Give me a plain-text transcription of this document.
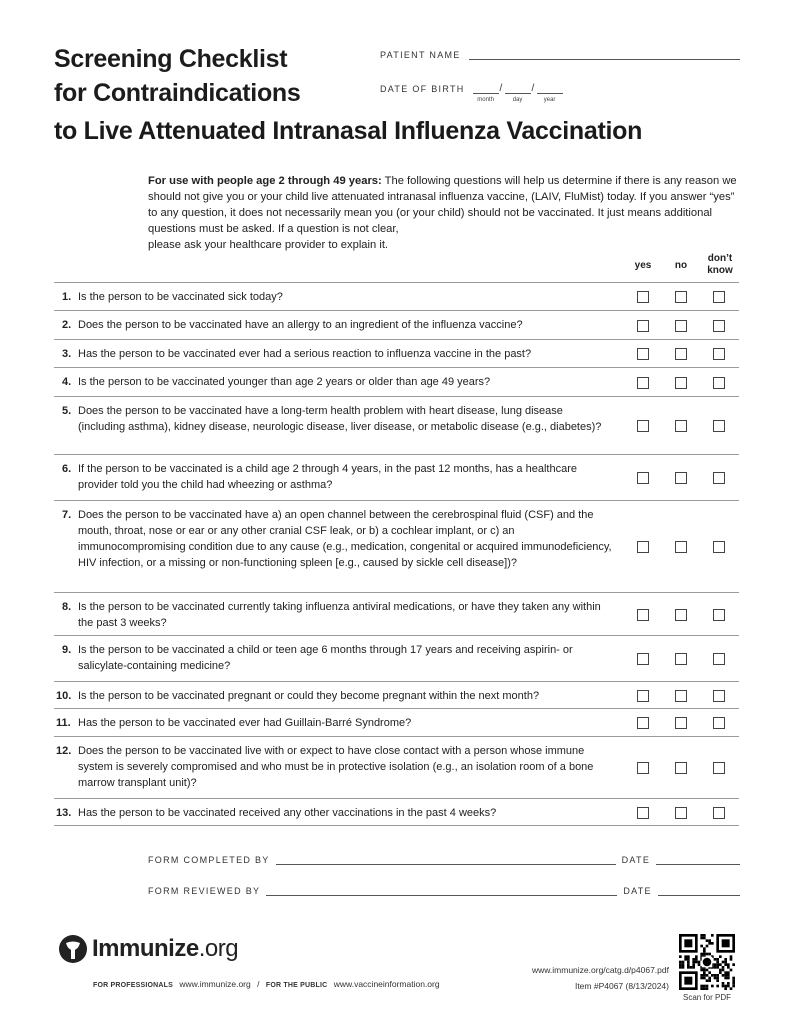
Screening Checklist
for Contraindications
to Live Attenuated Intranasal Influenza Vaccination
PATIENT NAME
DATE OF BIRTH
month
/
day
/
year
For use with people age 2 through 49 years: The following questions will help us determine if there is any reason we should not give you or your child live attenuated intranasal influenza vaccine, (LAIV, FluMist) today. If you answer “yes” to any question, it does not necessarily mean you (or your child) should not be vaccinated. It just means additional questions must be asked. If a question is not clear,
please ask your healthcare provider to explain it.
yes	no
don’t know
1. Is the person to be vaccinated sick today?
2. Does the person to be vaccinated have an allergy to an ingredient of the influenza vaccine?
3. Has the person to be vaccinated ever had a serious reaction to influenza vaccine in the past?
4. Is the person to be vaccinated younger than age 2 years or older than age 49 years?
5. Does the person to be vaccinated have a long-term health problem with heart disease, lung disease (including asthma), kidney disease, neurologic disease, liver disease, or metabolic disease (e.g., diabetes)?
6. If the person to be vaccinated is a child age 2 through 4 years, in the past 12 months, has a healthcare provider told you the child had wheezing or asthma?
7. Does the person to be vaccinated have a) an open channel between the cerebrospinal fluid (CSF) and the mouth, throat, nose or ear or any other cranial CSF leak, or b) a cochlear implant, or c) an immunocompromising condition due to any cause (e.g., medication, congenital or acquired immunodeficiency, HIV infection, or a missing or non-functioning spleen [e.g., caused by sickle cell disease])?
8. Is the person to be vaccinated currently taking influenza antiviral medications, or have they taken any within the past 3 weeks?
9. Is the person to be vaccinated a child or teen age 6 months through 17 years and receiving aspirin- or salicylate-containing medicine?
10. Is the person to be vaccinated pregnant or could they become pregnant within the next month?
11. Has the person to be vaccinated ever had Guillain-Barré Syndrome?
12. Does the person to be vaccinated live with or expect to have close contact with a person whose immune system is severely compromised and who must be in protective isolation (e.g., an isolation room of a bone marrow transplant unit)?
13. Has the person to be vaccinated received any other vaccinations in the past 4 weeks?
FORM COMPLETED BY	DATE
FORM REVIEWED BY	DATE
Immunize.org
FOR PROFESSIONALS www.immunize.org / FOR THE PUBLIC www.vaccineinformation.org
www.immunize.org/catg.d/p4067.pdf
Item #P4067 (8/13/2024)
Scan for PDF
